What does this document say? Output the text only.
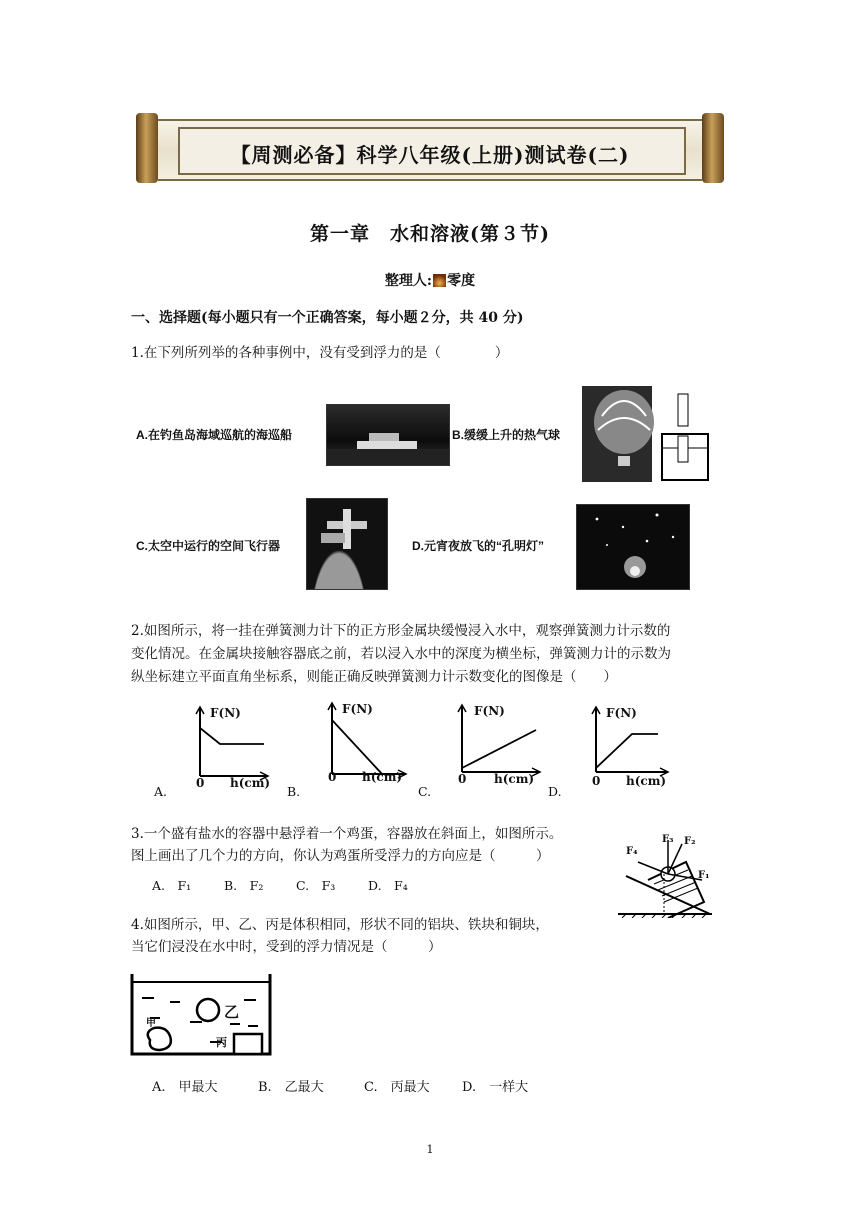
【周测必备】科学八年级(上册)测试卷(二)
第一章　水和溶液(第３节)
整理人: 零度
一、选择题(每小题只有一个正确答案，每小题２分，共 40 分)
1.在下列所列举的各种事例中，没有受到浮力的是（　　　　）
A.在钓鱼岛海域巡航的海巡船	B.缓缓上升的热气球
C.太空中运行的空间飞行器	D.元宵夜放飞的“孔明灯”
2.如图所示，将一挂在弹簧测力计下的正方形金属块缓慢浸入水中，观察弹簧测力计示数的
变化情况。在金属块接触容器底之前，若以浸入水中的深度为横坐标，弹簧测力计的示数为
纵坐标建立平面直角坐标系，则能正确反映弹簧测力计示数变化的图像是（　　）
F(N)
0 h(cm)
A.
F(N)
0 h(cm)
B.
F(N)
0 h(cm)
C.
F(N)
0 h(cm)
D.
3.一个盛有盐水的容器中悬浮着一个鸡蛋，容器放在斜面上，如图所示。
图上画出了几个力的方向，你认为鸡蛋所受浮力的方向应是（　　　）
A.　F₁	B.　F₂	C.　F₃	D.　F₄
F₃ F₂
F₄
F₁
4.如图所示，甲、乙、丙是体积相同，形状不同的铝块、铁块和铜块，
当它们浸没在水中时，受到的浮力情况是（　　　）
乙
甲
丙
A.　甲最大	B.　乙最大	C.　丙最大 D.　一样大
1
